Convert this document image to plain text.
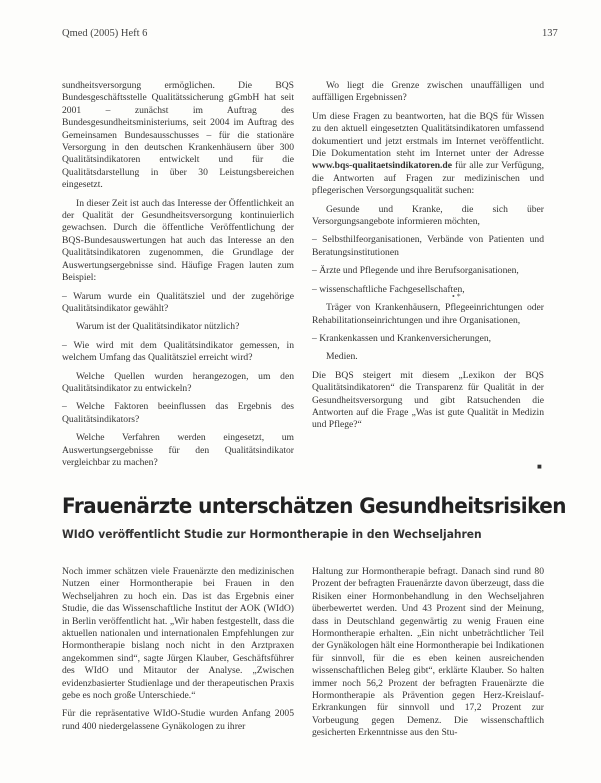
Qmed (2005) Heft 6	137

sundheitsversorgung ermöglichen. Die BQS Bundesgeschäftsstelle Qualitätssicherung gGmbH hat seit 2001 – zunächst im Auftrag des Bundesgesundheitsministeriums, seit 2004 im Auftrag des Gemeinsamen Bundesausschusses – für die stationäre Versorgung in den deutschen Krankenhäusern über 300 Qualitätsindikatoren entwickelt und für die Qualitätsdarstellung in über 30 Leistungsbereichen eingesetzt.

In dieser Zeit ist auch das Interesse der Öffentlichkeit an der Qualität der Gesundheitsversorgung kontinuierlich gewachsen. Durch die öffentliche Veröffentlichung der BQS-Bundesauswertungen hat auch das Interesse an den Qualitätsindikatoren zugenommen, die Grundlage der Auswertungsergebnisse sind. Häufige Fragen lauten zum Beispiel:

– Warum wurde ein Qualitätsziel und der zugehörige Qualitätsindikator gewählt?

Warum ist der Qualitätsindikator nützlich?

– Wie wird mit dem Qualitätsindikator gemessen, in welchem Umfang das Qualitätsziel erreicht wird?

Welche Quellen wurden herangezogen, um den Qualitätsindikator zu entwickeln?

– Welche Faktoren beeinflussen das Ergebnis des Qualitätsindikators?

Welche Verfahren werden eingesetzt, um Auswertungsergebnisse für den Qualitätsindikator vergleichbar zu machen?

Wo liegt die Grenze zwischen unauffälligen und auffälligen Ergebnissen?

Um diese Fragen zu beantworten, hat die BQS für Wissen zu den aktuell eingesetzten Qualitätsindikatoren umfassend dokumentiert und jetzt erstmals im Internet veröffentlicht. Die Dokumentation steht im Internet unter der Adresse www.bqs-qualitaetsindikatoren.de für alle zur Verfügung, die Antworten auf Fragen zur medizinischen und pflegerischen Versorgungsqualität suchen:

Gesunde und Kranke, die sich über Versorgungsangebote informieren möchten,

– Selbsthilfeorganisationen, Verbände von Patienten und Beratungsinstitutionen

– Ärzte und Pflegende und ihre Berufsorganisationen,

– wissenschaftliche Fachgesellschaften,

Träger von Krankenhäusern, Pflegeeinrichtungen oder Rehabilitationseinrichtungen und ihre Organisationen,

– Krankenkassen und Krankenversicherungen,

Medien.

Die BQS steigert mit diesem „Lexikon der BQS Qualitätsindikatoren“ die Transparenz für Qualität in der Gesundheitsversorgung und gibt Ratsuchenden die Antworten auf die Frage „Was ist gute Qualität in Medizin und Pflege?“

• *
■
Frauenärzte unterschätzen Gesundheitsrisiken
WIdO veröffentlicht Studie zur Hormontherapie in den Wechseljahren

Noch immer schätzen viele Frauenärzte den medizinischen Nutzen einer Hormontherapie bei Frauen in den Wechseljahren zu hoch ein. Das ist das Ergebnis einer Studie, die das Wissenschaftliche Institut der AOK (WIdO) in Berlin veröffentlicht hat. „Wir haben festgestellt, dass die aktuellen nationalen und internationalen Empfehlungen zur Hormontherapie bislang noch nicht in den Arztpraxen angekommen sind“, sagte Jürgen Klauber, Geschäftsführer des WIdO und Mitautor der Analyse. „Zwischen evidenzbasierter Studienlage und der therapeutischen Praxis gebe es noch große Unterschiede.“

Für die repräsentative WIdO-Studie wurden Anfang 2005 rund 400 niedergelassene Gynäkologen zu ihrer

Haltung zur Hormontherapie befragt. Danach sind rund 80 Prozent der befragten Frauenärzte davon überzeugt, dass die Risiken einer Hormonbehandlung in den Wechseljahren überbewertet werden. Und 43 Prozent sind der Meinung, dass in Deutschland gegenwärtig zu wenig Frauen eine Hormontherapie erhalten. „Ein nicht unbeträchtlicher Teil der Gynäkologen hält eine Hormontherapie bei Indikationen für sinnvoll, für die es eben keinen ausreichenden wissenschaftlichen Beleg gibt“, erklärte Klauber. So halten immer noch 56,2 Prozent der befragten Frauenärzte die Hormontherapie als Prävention gegen Herz-Kreislauf-Erkrankungen für sinnvoll und 17,2 Prozent zur Vorbeugung gegen Demenz. Die wissenschaftlich gesicherten Erkenntnisse aus den Stu-
